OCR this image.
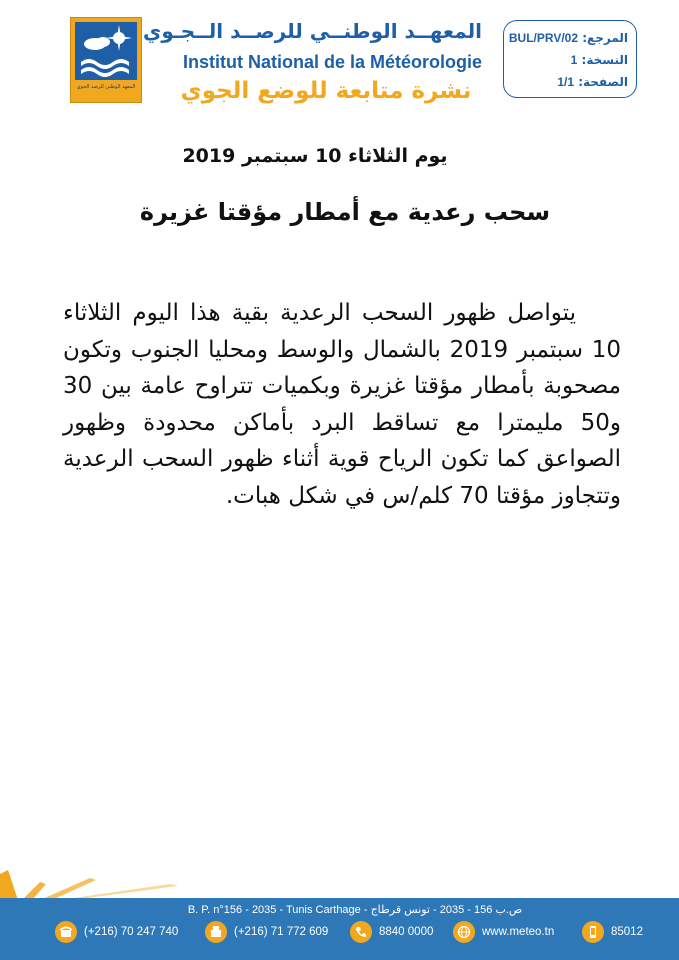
المعهد الوطني للرصد الجوي
المعهــد الوطنــي للرصــد الــجـوي
Institut National de la Météorologie
نشرة متابعة للوضع الجوي
المرجع: BUL/PRV/02
النسخة: 1
الصفحة: 1/1
يوم الثلاثاء 10 سبتمبر 2019
سحب رعدية مع أمطار مؤقتا غزيرة

يتواصل ظهور السحب الرعدية بقية هذا اليوم الثلاثاء 10 سبتمبر 2019 بالشمال والوسط ومحليا الجنوب وتكون مصحوبة بأمطار مؤقتا غزيرة وبكميات تتراوح عامة بين 30 و50 مليمترا مع تساقط البرد بأماكن محدودة وظهور الصواعق كما تكون الرياح قوية أثناء ظهور السحب الرعدية وتتجاوز مؤقتا 70 كلم/س في شكل هبات.

B. P. n°156 - 2035 - Tunis Carthage - ص.ب 156 - 2035 - تونس قرطاج
(+216) 70 247 740	(+216) 71 772 609	8840 0000	www.meteo.tn	85012
